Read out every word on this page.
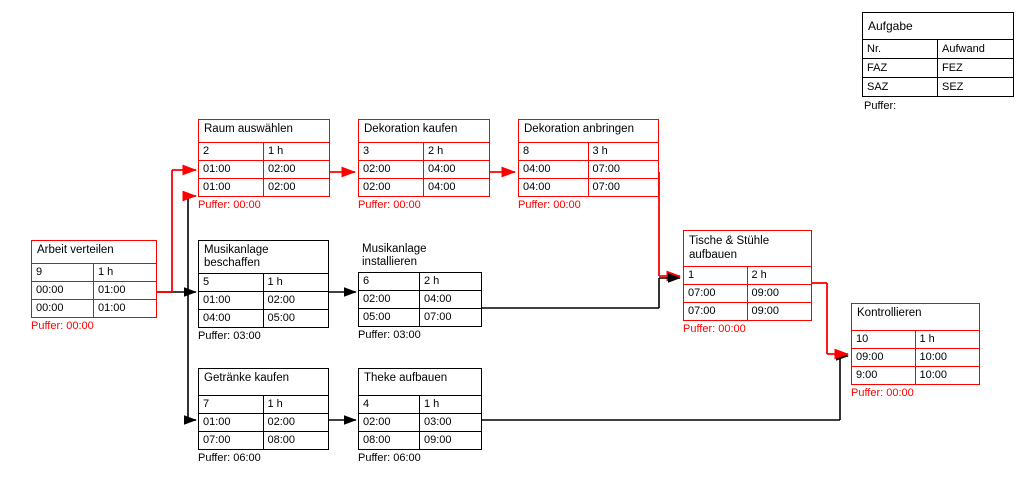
Aufgabe
Nr.	Aufwand
FAZ	FEZ
SAZ	SEZ
Puffer:
Arbeit verteilen
9	1 h
00:00	01:00
00:00	01:00
Puffer: 00:00
Raum auswählen
2	1 h
01:00	02:00
01:00	02:00
Puffer: 00:00
Dekoration kaufen
3	2 h
02:00	04:00
02:00	04:00
Puffer: 00:00
Dekoration anbringen
8	3 h
04:00	07:00
04:00	07:00
Puffer: 00:00
Musikanlage beschaffen
5	1 h
01:00	02:00
04:00	05:00
Puffer: 03:00
Musikanlage installieren
6	2 h
02:00	04:00
05:00	07:00
Puffer: 03:00
Getränke kaufen
7	1 h
01:00	02:00
07:00	08:00
Puffer: 06:00
Theke aufbauen
4	1 h
02:00	03:00
08:00	09:00
Puffer: 06:00
Tische & Stühle aufbauen
1	2 h
07:00	09:00
07:00	09:00
Puffer: 00:00
Kontrollieren
10	1 h
09:00	10:00
9:00	10:00
Puffer: 00:00
